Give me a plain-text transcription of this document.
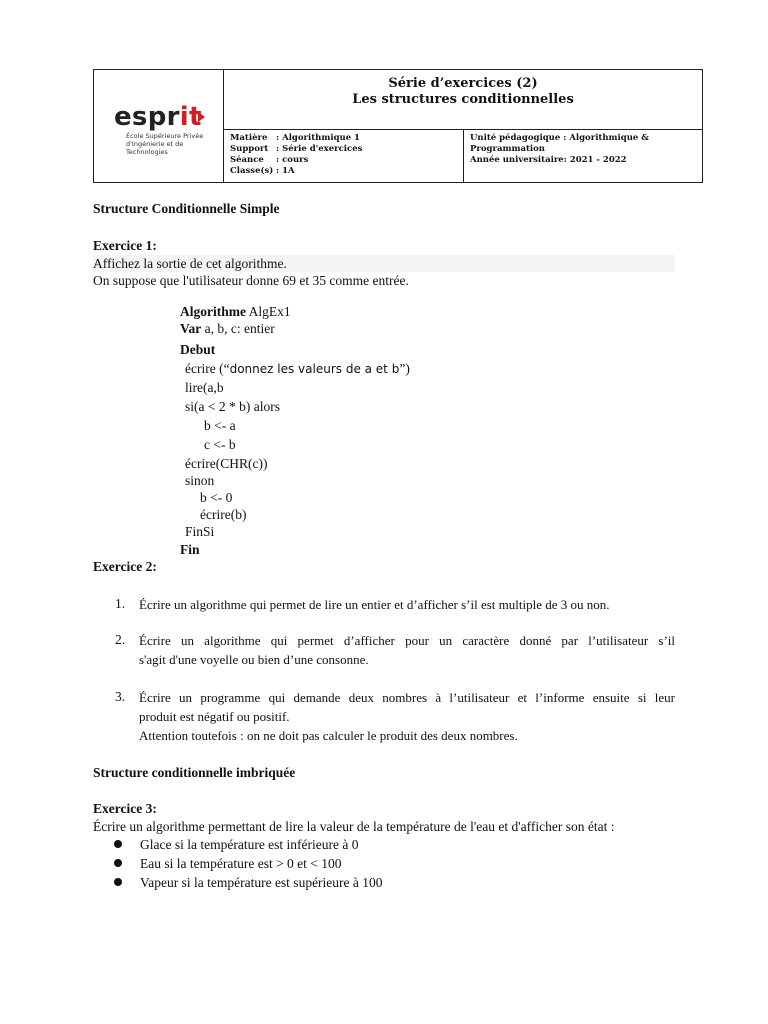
esprit
École Supérieure Privée
d'Ingénierie et de
Technologies
Série d’exercices (2)
Les structures conditionnelles
Matière	: Algorithmique 1
Support : Série d'exercices
Séance	: cours
Classe(s) : 1A
Unité pédagogique : Algorithmique &
Programmation
Année universitaire: 2021 - 2022
Structure Conditionnelle Simple
Exercice 1:
Affichez la sortie de cet algorithme.
On suppose que l'utilisateur donne 69 et 35 comme entrée.
Algorithme AlgEx1
Var a, b, c: entier
Debut
écrire (“donnez les valeurs de a et b”)
lire(a,b
si(a < 2 * b) alors
b <- a
c <- b
écrire(CHR(c))
sinon
b <- 0
écrire(b)
FinSi
Fin
Exercice 2:
1. Écrire un algorithme qui permet de lire un entier et d’afficher s’il est multiple de 3 ou non.
2. Écrire un algorithme qui permet d’afficher pour un caractère donné par l’utilisateur s’il
s'agit d'une voyelle ou bien d’une consonne.
3. Écrire un programme qui demande deux nombres à l’utilisateur et l’informe ensuite si leur
produit est négatif ou positif.
Attention toutefois : on ne doit pas calculer le produit des deux nombres.
Structure conditionnelle imbriquée
Exercice 3:
Écrire un algorithme permettant de lire la valeur de la température de l'eau et d'afficher son état :
Glace si la température est inférieure à 0
Eau si la température est > 0 et < 100
Vapeur si la température est supérieure à 100
